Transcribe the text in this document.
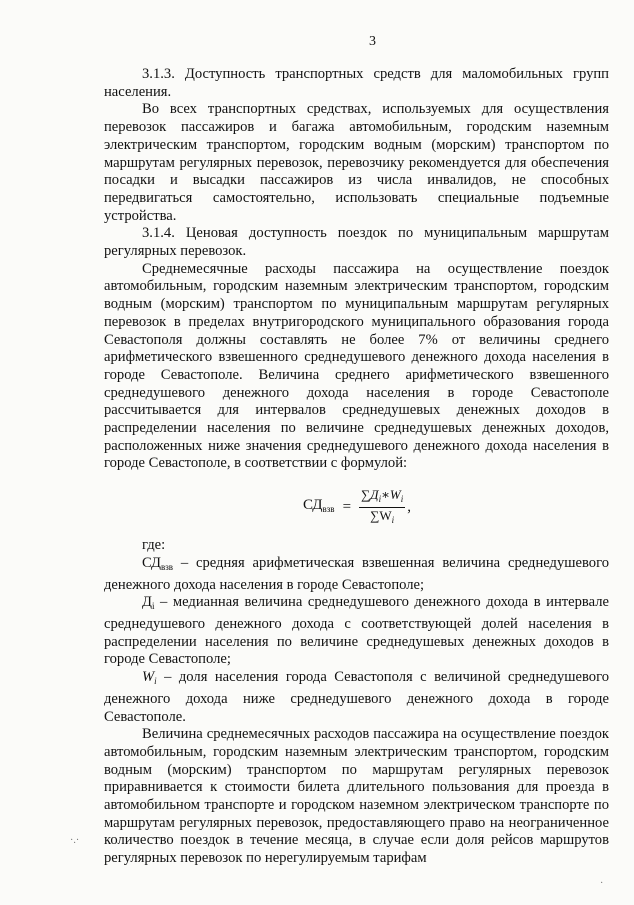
3

3.1.3. Доступность транспортных средств для маломобильных групп населения.

Во всех транспортных средствах, используемых для осуществления перевозок пассажиров и багажа автомобильным, городским наземным электрическим транспортом, городским водным (морским) транспортом по маршрутам регулярных перевозок, перевозчику рекомендуется для обеспечения посадки и высадки пассажиров из числа инвалидов, не способных передвигаться самостоятельно, использовать специальные подъемные устройства.

3.1.4. Ценовая доступность поездок по муниципальным маршрутам регулярных перевозок.

Среднемесячные расходы пассажира на осуществление поездок автомобильным, городским наземным электрическим транспортом, городским водным (морским) транспортом по муниципальным маршрутам регулярных перевозок в пределах внутригородского муниципального образования города Севастополя должны составлять не более 7% от величины среднего арифметического взвешенного среднедушевого денежного дохода населения в городе Севастополе. Величина среднего арифметического взвешенного среднедушевого денежного дохода населения в городе Севастополе рассчитывается для интервалов среднедушевых денежных доходов в распределении населения по величине среднедушевых денежных доходов, расположенных ниже значения среднедушевого денежного дохода населения в городе Севастополе, в соответствии с формулой:

$СД_{взв} = \frac{\sum Д_i∗W_i}{\sum W_i}$ ,

где:

$СД_{взв}$ – средняя арифметическая взвешенная величина среднедушевого денежного дохода населения в городе Севастополе;

$Д_i$ – медианная величина среднедушевого денежного дохода в интервале среднедушевого денежного дохода с соответствующей долей населения в распределении населения по величине среднедушевых денежных доходов в городе Севастополе;

$W_i$ – доля населения города Севастополя с величиной среднедушевого денежного дохода ниже среднедушевого денежного дохода в городе Севастополе.

Величина среднемесячных расходов пассажира на осуществление поездок автомобильным, городским наземным электрическим транспортом, городским водным (морским) транспортом по маршрутам регулярных перевозок приравнивается к стоимости билета длительного пользования для проезда в автомобильном транспорте и городском наземном электрическом транспорте по маршрутам регулярных перевозок, предоставляющего право на неограниченное количество поездок в течение месяца, в случае если доля рейсов маршрутов регулярных перевозок по нерегулируемым тарифам

·.·
·
